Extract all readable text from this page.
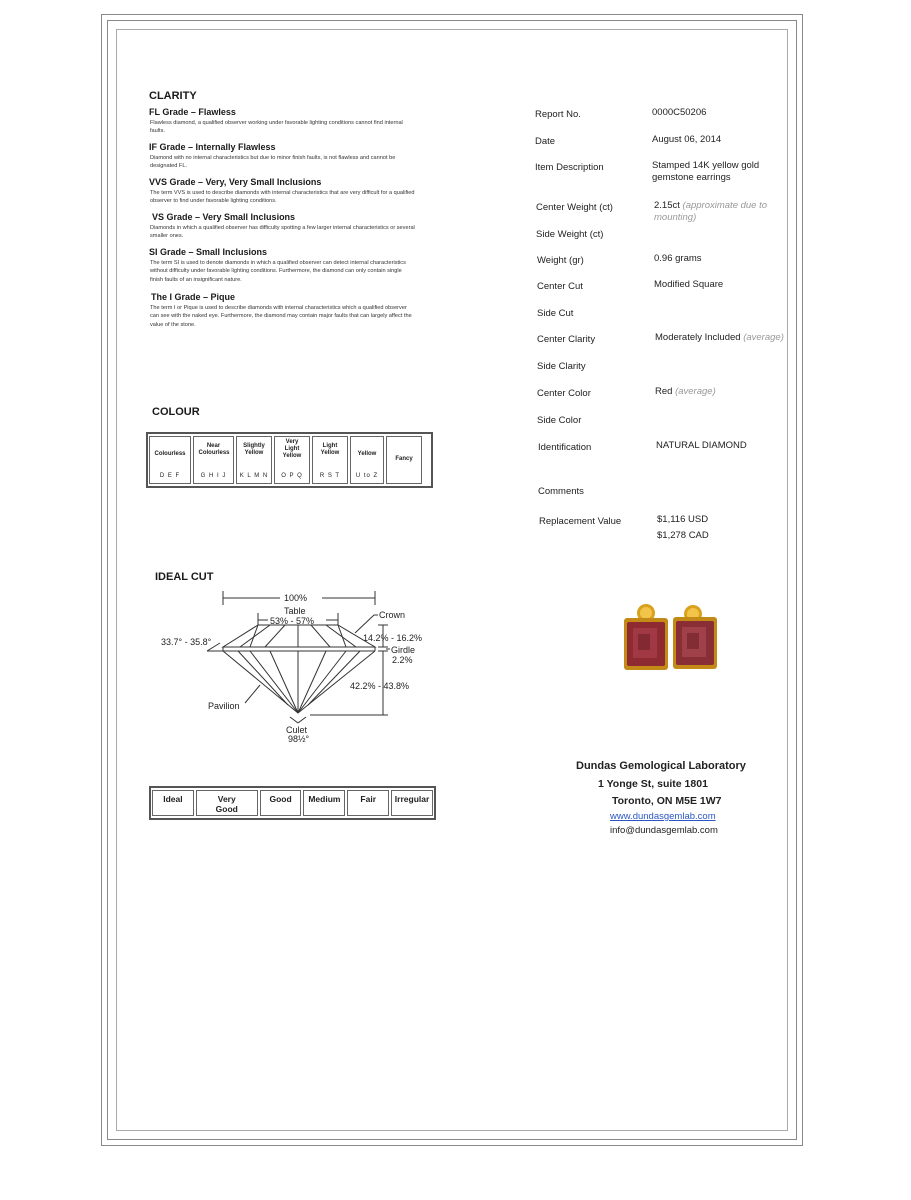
CLARITY
FL Grade – Flawless
Flawless diamond, a qualified observer working under favorable lighting conditions cannot find internal faults.
IF Grade – Internally Flawless
Diamond with no internal characteristics but due to minor finish faults, is not flawless and cannot be designated FL.
VVS Grade – Very, Very Small Inclusions
The term VVS is used to describe diamonds with internal characteristics that are very difficult for a qualified observer to find under favorable lighting conditions.
VS Grade – Very Small Inclusions
Diamonds in which a qualified observer has difficulty spotting a few larger internal characteristics or several smaller ones.
SI Grade – Small Inclusions
The term SI is used to denote diamonds in which a qualified observer can detect internal characteristics without difficulty under favorable lighting conditions. Furthermore, the diamond can only contain single finish faults of an insignificant nature.
The I Grade – Pique
The term I or Pique is used to describe diamonds with internal characteristics which a qualified observer can see with the naked eye. Furthermore, the diamond may contain major faults that can largely affect the value of the stone.
COLOUR
Colourless
D E F
Near Colourless
G H I J
Slightly Yellow
K L M N
Very Light Yellow
O P Q
Light Yellow
R S T
Yellow
U to Z
Fancy
IDEAL CUT
100%
Table
53% - 57%
Crown
33.7° - 35.8°	14.2% - 16.2%
Girdle
2.2%
42.2% - 43.8%
Pavilion
Culet
98½°
Ideal	Very Good
Good	Medium	Fair	Irregular
Report No.	0000C50206
Date	August 06, 2014
Item Description	Stamped 14K yellow gold gemstone earrings
Center Weight (ct)	2.15ct (approximate due to mounting)
Side Weight (ct)
Weight (gr)	0.96 grams
Center Cut	Modified Square
Side Cut
Center Clarity	Moderately Included (average)
Side Clarity
Center Color	Red (average)
Side Color
Identification	NATURAL DIAMOND
Comments
Replacement Value	$1,116 USD
$1,278 CAD
Dundas Gemological Laboratory
1 Yonge St, suite 1801
Toronto, ON M5E 1W7
www.dundasgemlab.com
info@dundasgemlab.com
